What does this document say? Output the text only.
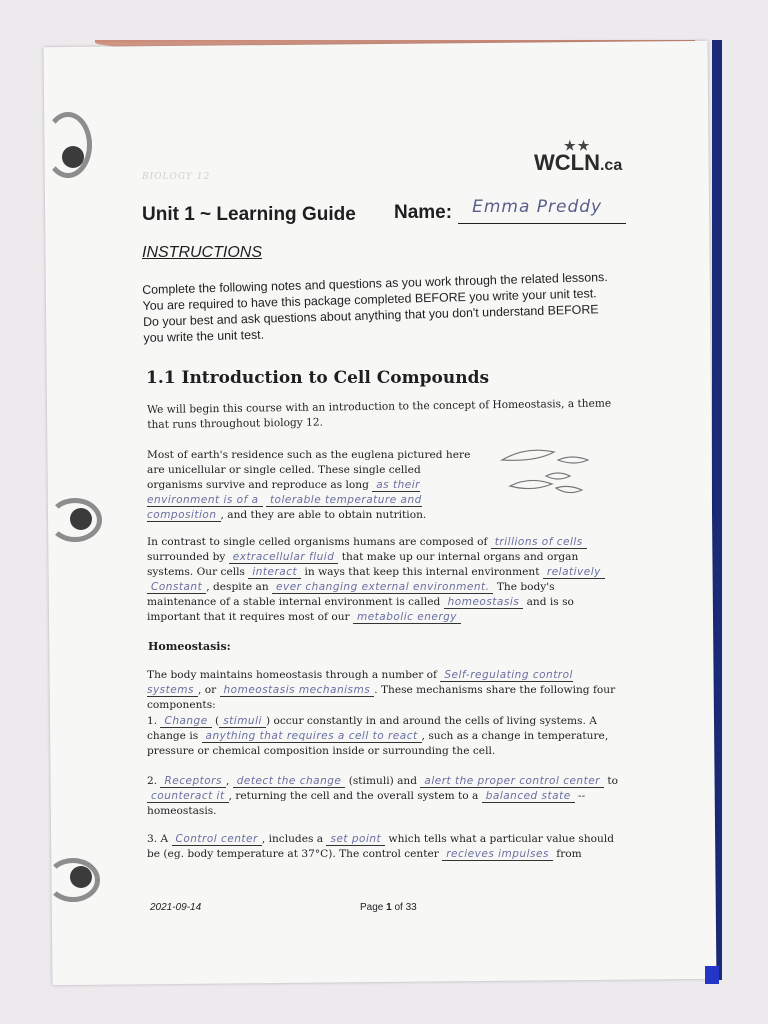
BIOLOGY 12
★★
WCLN.ca
Unit 1 ~ Learning Guide Name: Emma Preddy
INSTRUCTIONS
Complete the following notes and questions as you work through the related lessons. You are required to have this package completed BEFORE you write your unit test. Do your best and ask questions about anything that you don't understand BEFORE you write the unit test.
1.1 Introduction to Cell Compounds
We will begin this course with an introduction to the concept of Homeostasis, a theme that runs throughout biology 12.
Most of earth's residence such as the euglena pictured here are unicellular or single celled. These single celled organisms survive and reproduce as long as their environment is of a tolerable temperature and composition , and they are able to obtain nutrition.
In contrast to single celled organisms humans are composed of trillions of cells surrounded by extracellular fluid that make up our internal organs and organ systems. Our cells interact in ways that keep this internal environment relatively Constant , despite an ever changing external environment. The body's maintenance of a stable internal environment is called homeostasis and is so important that it requires most of our metabolic energy
Homeostasis:
The body maintains homeostasis through a number of Self-regulating control systems , or homeostasis mechanisms . These mechanisms share the following four components:
1. Change ( stimuli ) occur constantly in and around the cells of living systems. A change is anything that requires a cell to react , such as a change in temperature, pressure or chemical composition inside or surrounding the cell.
2. Receptors , detect the change (stimuli) and alert the proper control center to counteract it , returning the cell and the overall system to a balanced state -- homeostasis.
3. A Control center , includes a set point which tells what a particular value should be (eg. body temperature at 37°C). The control center recieves impulses from
2021-09-14	Page 1 of 33
